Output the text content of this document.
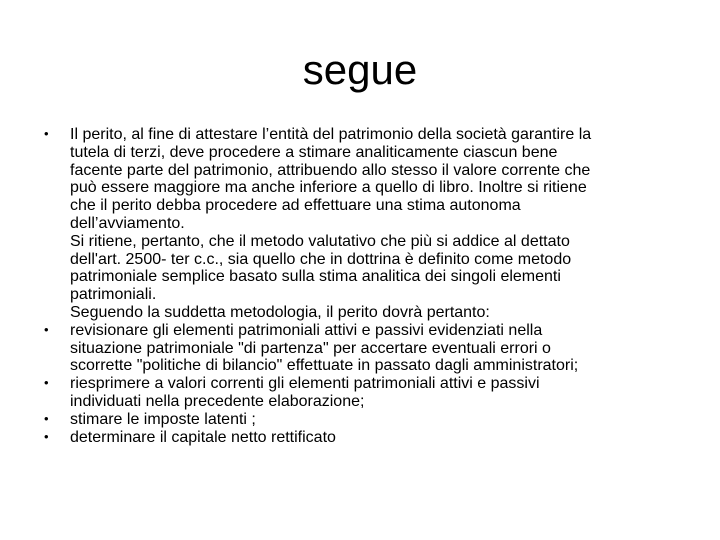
segue
• Il perito, al fine di attestare l’entità del patrimonio della società garantire la
tutela di terzi, deve procedere a stimare analiticamente ciascun bene
facente parte del patrimonio, attribuendo allo stesso il valore corrente che
può essere maggiore ma anche inferiore a quello di libro. Inoltre si ritiene
che il perito debba procedere ad effettuare una stima autonoma
dell’avviamento.
Si ritiene, pertanto, che il metodo valutativo che più si addice al dettato
dell'art. 2500- ter c.c., sia quello che in dottrina è definito come metodo
patrimoniale semplice basato sulla stima analitica dei singoli elementi
patrimoniali.
Seguendo la suddetta metodologia, il perito dovrà pertanto:
• revisionare gli elementi patrimoniali attivi e passivi evidenziati nella
situazione patrimoniale "di partenza" per accertare eventuali errori o
scorrette "politiche di bilancio" effettuate in passato dagli amministratori;
• riesprimere a valori correnti gli elementi patrimoniali attivi e passivi
individuati nella precedente elaborazione;
• stimare le imposte latenti ;
• determinare il capitale netto rettificato
